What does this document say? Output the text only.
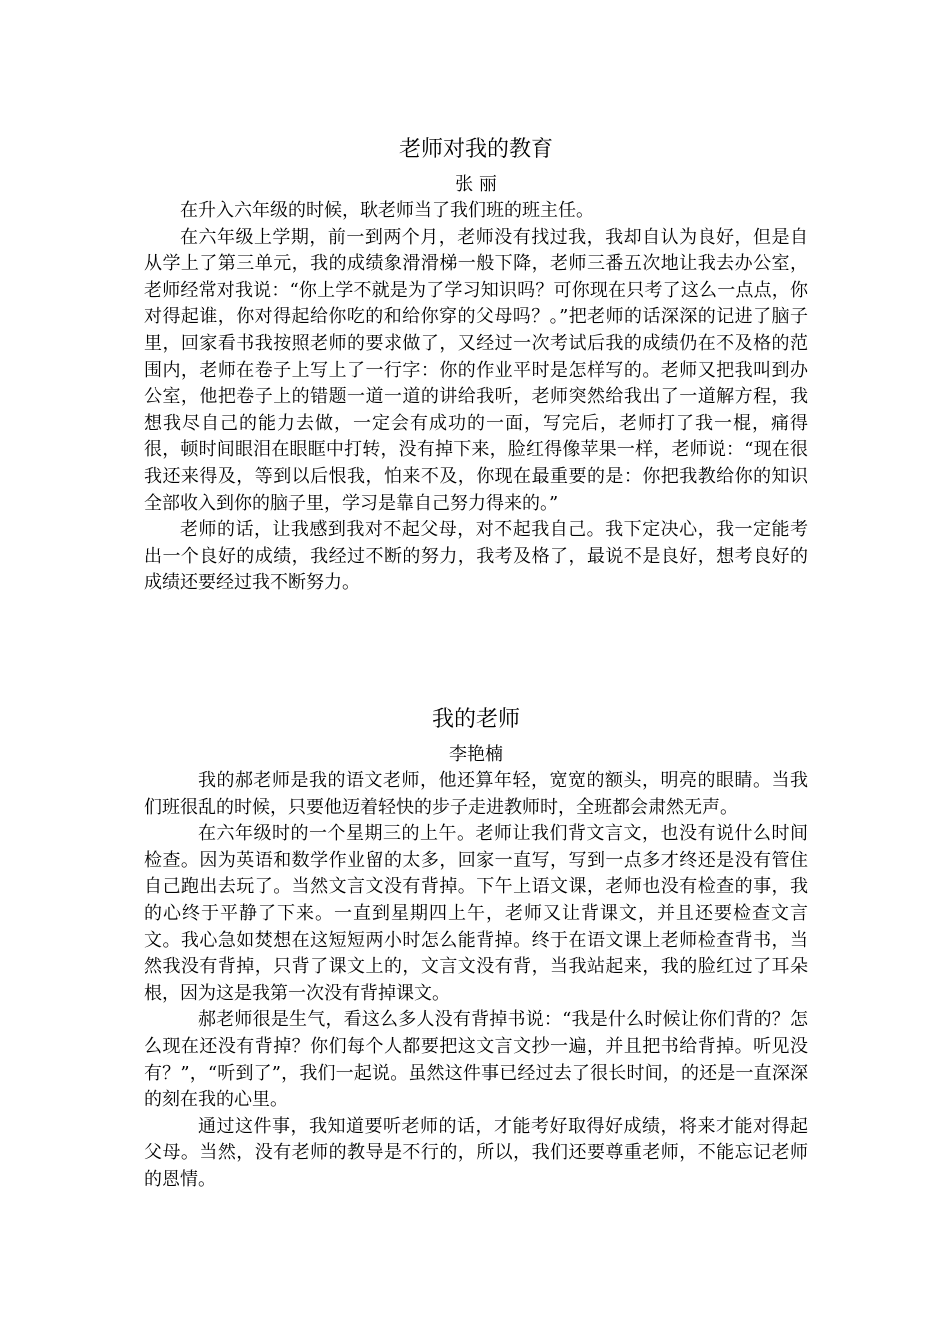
老师对我的教育
张 丽

在升入六年级的时候，耿老师当了我们班的班主任。

在六年级上学期，前一到两个月，老师没有找过我，我却自认为良好，但是自从学上了第三单元，我的成绩象滑滑梯一般下降，老师三番五次地让我去办公室，老师经常对我说：“你上学不就是为了学习知识吗？可你现在只考了这么一点点，你对得起谁，你对得起给你吃的和给你穿的父母吗？。”把老师的话深深的记进了脑子里，回家看书我按照老师的要求做了，又经过一次考试后我的成绩仍在不及格的范围内，老师在卷子上写上了一行字：你的作业平时是怎样写的。老师又把我叫到办公室，他把卷子上的错题一道一道的讲给我听，老师突然给我出了一道解方程，我想我尽自己的能力去做，一定会有成功的一面，写完后，老师打了我一棍，痛得很，顿时间眼泪在眼眶中打转，没有掉下来，脸红得像苹果一样，老师说：“现在很我还来得及，等到以后恨我，怕来不及，你现在最重要的是：你把我教给你的知识全部收入到你的脑子里，学习是靠自己努力得来的。”

老师的话，让我感到我对不起父母，对不起我自己。我下定决心，我一定能考出一个良好的成绩，我经过不断的努力，我考及格了，最说不是良好，想考良好的成绩还要经过我不断努力。

我的老师
李艳楠

我的郝老师是我的语文老师，他还算年轻，宽宽的额头，明亮的眼睛。当我们班很乱的时候，只要他迈着轻快的步子走进教师时，全班都会肃然无声。

在六年级时的一个星期三的上午。老师让我们背文言文，也没有说什么时间检查。因为英语和数学作业留的太多，回家一直写，写到一点多才终还是没有管住自己跑出去玩了。当然文言文没有背掉。下午上语文课，老师也没有检查的事，我的心终于平静了下来。一直到星期四上午，老师又让背课文，并且还要检查文言文。我心急如焚想在这短短两小时怎么能背掉。终于在语文课上老师检查背书，当然我没有背掉，只背了课文上的，文言文没有背，当我站起来，我的脸红过了耳朵根，因为这是我第一次没有背掉课文。

郝老师很是生气，看这么多人没有背掉书说：“我是什么时候让你们背的？怎么现在还没有背掉？你们每个人都要把这文言文抄一遍，并且把书给背掉。听见没有？”，“听到了”，我们一起说。虽然这件事已经过去了很长时间，的还是一直深深的刻在我的心里。

通过这件事，我知道要听老师的话，才能考好取得好成绩，将来才能对得起父母。当然，没有老师的教导是不行的，所以，我们还要尊重老师，不能忘记老师的恩情。
